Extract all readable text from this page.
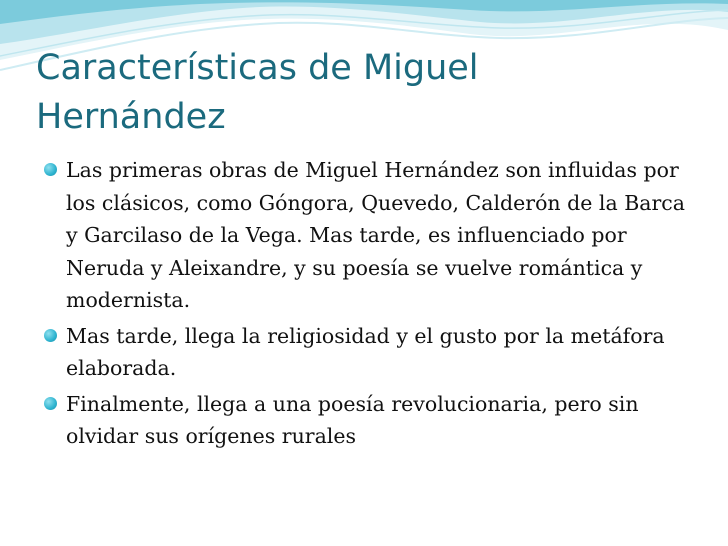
Características de Miguel
Hernández
Las primeras obras de Miguel Hernández son influidas por los clásicos, como Góngora, Quevedo, Calderón de la Barca y Garcilaso de la Vega. Mas tarde, es influenciado por Neruda y Aleixandre, y su poesía se vuelve romántica y modernista.
Mas tarde, llega la religiosidad y el gusto por la metáfora elaborada.
Finalmente, llega a una poesía revolucionaria, pero sin olvidar sus orígenes rurales
